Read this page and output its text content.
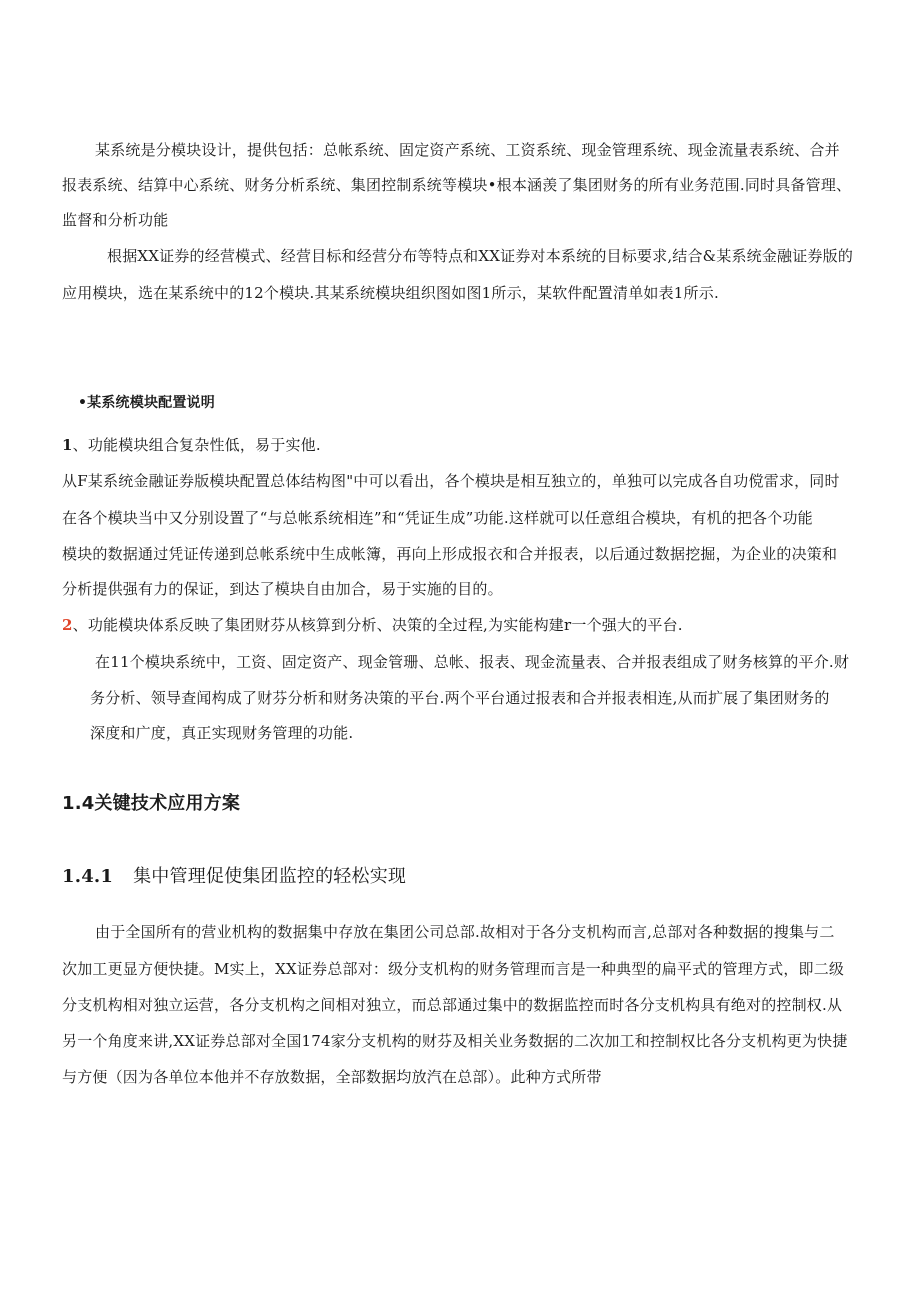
某系统是分模块设计，提供包括：总帐系统、固定资产系统、工资系统、现金管理系统、现金流量表系统、合并
报表系统、结算中心系统、财务分析系统、集团控制系统等模块•根本涵羡了集团财务的所有业务范围.同时具备管理、
监督和分析功能
根据XX证券的经营模式、经营目标和经营分布等特点和XX证券对本系统的目标要求,结合&某系统金融证券版的
应用模块，选在某系统中的12个模块.其某系统模块组织图如图1所示，某软件配置清单如表1所示.
•某系统模块配置说明
1、功能模块组合复杂性低，易于实他.
从F某系统金融证券版模块配置总体结构图"中可以看出，各个模块是相互独立的，单独可以完成各自功傥雷求，同时
在各个模块当中又分别设置了“与总帐系统相连”和“凭证生成”功能.这样就可以任意组合模块，有机的把各个功能
模块的数据通过凭证传递到总帐系统中生成帐簿，再向上形成报衣和合并报表，以后通过数据挖掘，为企业的决策和
分析提供强有力的保证，到达了模块自由加合，易于实施的目的。
2、功能模块体系反映了集团财芬从核算到分析、决策的全过程,为实能构建r一个强大的平台.
在11个模块系统中，工资、固定资产、现金管珊、总帐、报表、现金流量表、合并报表组成了财务核算的平介.财
务分析、领导查闻构成了财芬分析和财务决策的平台.两个平台通过报表和合并报表相连,从而扩展了集团财务的
深度和广度，真正实现财务管理的功能.
1.4关键技术应用方案
1.4.1 集中管理促使集团监控的轻松实现
由于全国所有的营业机构的数据集中存放在集团公司总部.故相对于各分支机构而言,总部对各种数据的搜集与二
次加工更显方便快捷。M实上，XX证券总部对：级分支机构的财务管理而言是一种典型的扁平式的管理方式，即二级
分支机构相对独立运营，各分支机构之间相对独立，而总部通过集中的数据监控而时各分支机构具有绝对的控制权.从
另一个角度来讲,XX证券总部对全国174家分支机构的财芬及相关业务数据的二次加工和控制权比各分支机构更为快捷
与方便（因为各单位本他并不存放数据，全部数据均放汽在总部）。此种方式所带
